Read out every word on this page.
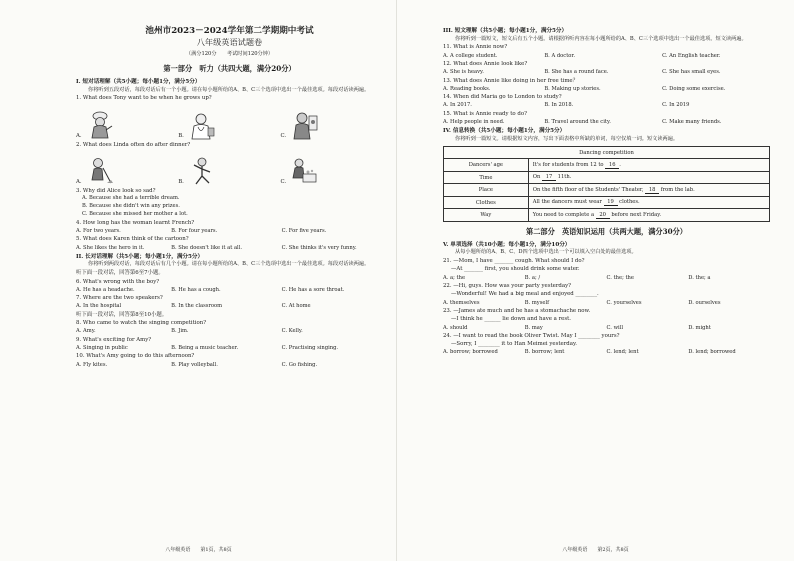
池州市2023－2024学年第二学期期中考试
八年级英语试题卷
（满分120分　　考试时间120分钟）
第一部分　听力（共四大题，满分20分）
I. 短对话理解（共5小题；每小题1分，满分5分）
你将听到五段对话，每段对话后有一个小题。请在每小题所给的A、B、C三个选项中选出一个最佳选项。每段对话读两遍。
1. What does Tony want to be when he grows up?
A.	B.	C.
2. What does Linda often do after dinner?
A.	B.	C.
3. Why did Alice look so sad?
A. Because she had a terrible dream.
B. Because she didn't win any prizes.
C. Because she missed her mother a lot.
4. How long has the woman learnt French?
A. For two years.	B. For four years.	C. For five years.
5. What does Karen think of the cartoon?
A. She likes the hero in it.	B. She doesn't like it at all.	C. She thinks it's very funny.
II. 长对话理解（共5小题；每小题1分，满分5分）
你将听到两段对话，每段对话后有几个小题。请在每小题所给的A、B、C三个选项中选出一个最佳选项。每段对话读两遍。
听下面一段对话，回答第6至7小题。
6. What's wrong with the boy?
A. He has a headache.	B. He has a cough.	C. He has a sore throat.
7. Where are the two speakers?
A. In the hospital	B. In the classroom	C. At home
听下面一段对话，回答第8至10小题。
8. Who came to watch the singing competition?
A. Amy.	B. Jim.	C. Kelly.
9. What's exciting for Amy?
A. Singing in public	B. Being a music teacher.	C. Practising singing.
10. What's Amy going to do this afternoon?
A. Fly kites.	B. Play volleyball.	C. Go fishing.
八年级英语　　第1页，共8页
III. 短文理解（共5小题；每小题1分，满分5分）
你将听到一篇短文，短文后有五个小题。请根据所听内容在每小题所给的A、B、C三个选项中选出一个最佳选项。短文读两遍。
11. What is Annie now?
A. A college student.	B. A doctor.	C. An English teacher.
12. What does Annie look like?
A. She is heavy.	B. She has a round face.	C. She has small eyes.
13. What does Annie like doing in her free time？
A. Reading books.	B. Making up stories.	C. Doing some exercise.
14. When did Maria go to London to study?
A. In 2017.	B. In 2018.	C. In 2019
15. What is Annie ready to do?
A. Help people in need.	B. Travel around the city.	C. Make many friends.
IV. 信息转换（共5小题；每小题1分，满分5分）
你将听到一篇短文。请根据短文内容，写出下面表格中所缺的单词，每空仅填一词。短文读两遍。
Dancing competition	
Dancers' age	It's for students from 12 to 16 .
Time	On 17 11th.
Place	On the fifth floor of the Students' Theater, 18 from the lab.
Clothes	All the dancers must wear 19 clothes.
Way	You need to complete a 20 before next Friday.
第二部分　英语知识运用（共两大题，满分30分）
V. 单项选择（共10小题；每小题1分，满分10分）
从每小题所给的A、B、C、D四个选项中选出一个可以填入空白处的最佳选项。
21. —Mom, I have _______ cough. What should I do?
—At _______ first, you should drink some water.
A. a; the	B. a; /	C. the; the	D. the; a
22. —Hi, guys. How was your party yesterday?
—Wonderful! We had a big meal and enjoyed ________.
A. themselves	B. myself	C. yourselves	D. ourselves
23. —James ate much and he has a stomachache now.
—I think he ______ lie down and have a rest.
A. should	B. may	C. will	D. might
24. —I want to read the book Oliver Twist. May I ________ yours?
—Sorry, I ________ it to Han Meimei yesterday.
A. borrow; borrowed	B. borrow; lent	C. lend; lent	D. lend; borrowed
八年级英语　　第2页，共8页
